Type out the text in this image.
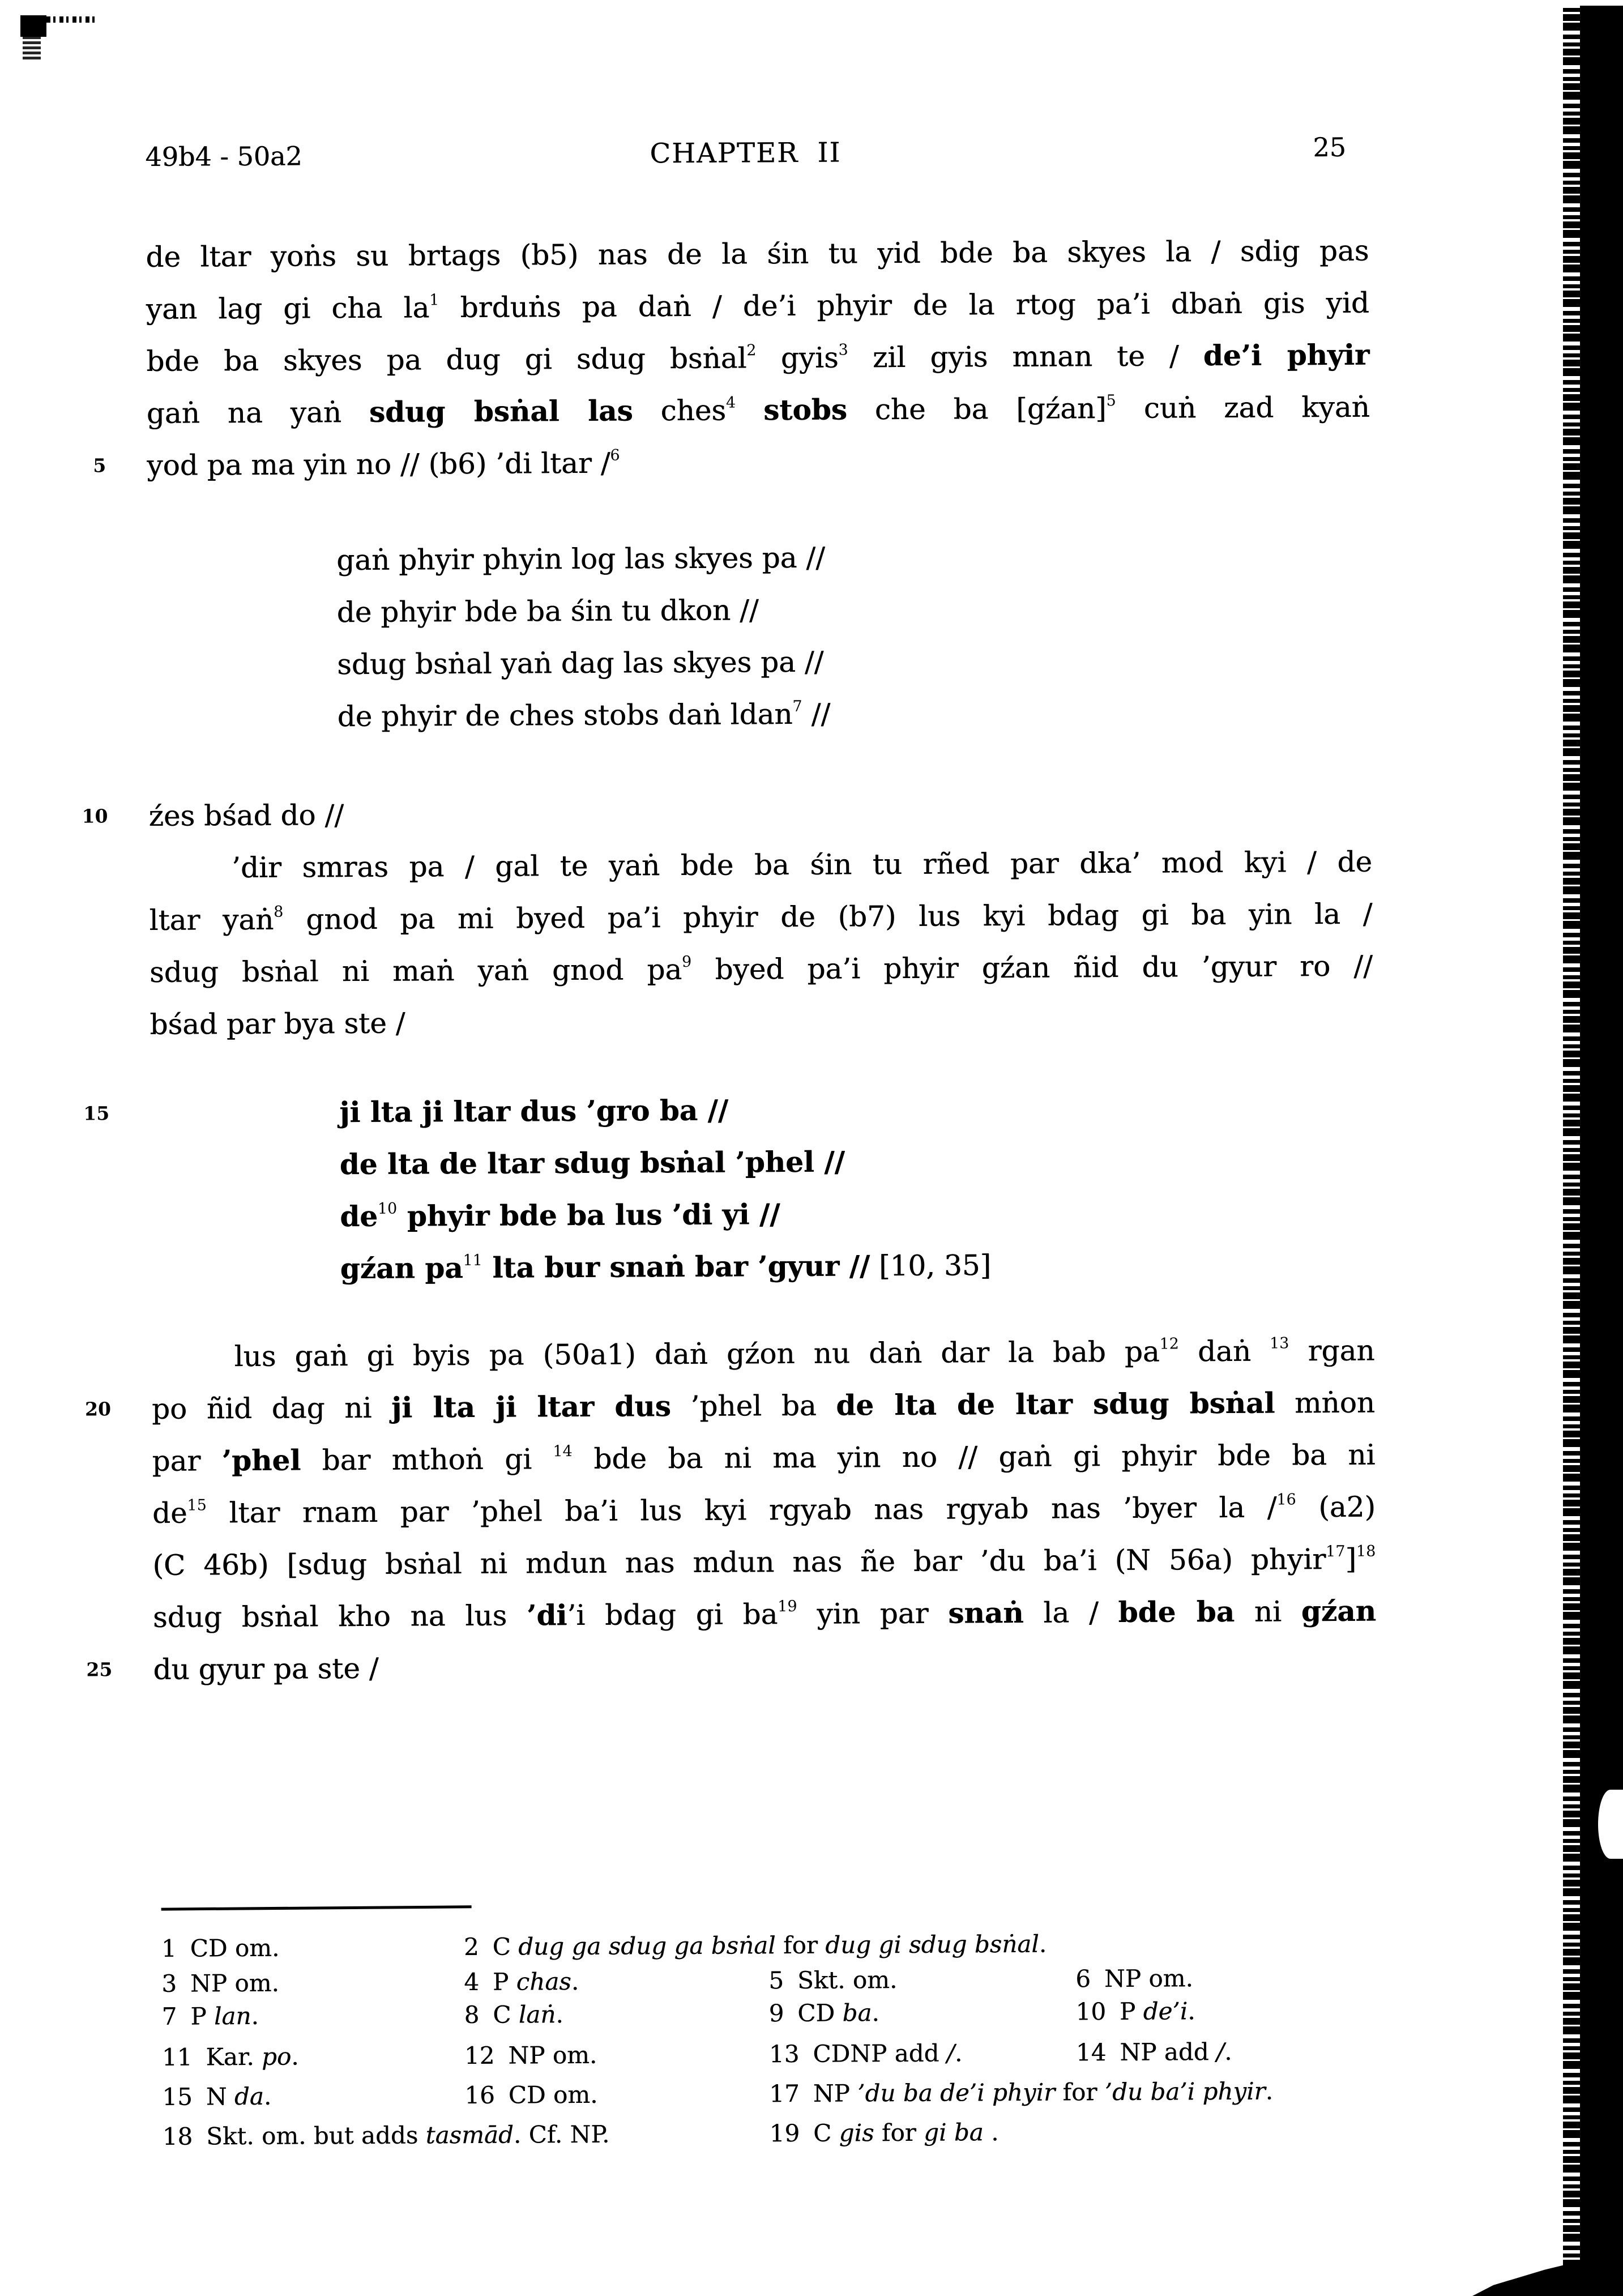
49b4 - 50a2	CHAPTER II	25
5
10
15
20
25
de ltar yoṅs su brtags (b5) nas de la śin tu yid bde ba skyes la / sdig pas
yan lag gi cha $la^1$ brduṅs pa daṅ / de’i phyir de la rtog pa’i dbaṅ gis yid
bde ba skyes pa dug gi sdug bsṅal$^2$ gyis$^3$ zil gyis mnan te / de’i phyir
gaṅ na yaṅ sdug bsṅal las ches$^4$ stobs che ba [gźan]$^5$ cuṅ zad kyaṅ
yod pa ma yin no // (b6) ’di ltar /$^6$
gaṅ phyir phyin log las skyes pa //
de phyir bde ba śin tu dkon //
sdug bsṅal yaṅ dag las skyes pa //
de phyir de ches stobs daṅ ldan$^7$ //
źes bśad do //
’dir smras pa / gal te yaṅ bde ba śin tu rñed par dka’ mod kyi / de
ltar yaṅ$^8$ gnod pa mi byed pa’i phyir de (b7) lus kyi bdag gi ba yin la /
sdug bsṅal ni maṅ yaṅ gnod $pa^9$ byed pa’i phyir gźan ñid du ’gyur ro //
bśad par bya ste /
ji lta ji ltar dus ’gro ba //
de lta de ltar sdug bsṅal ’phel //
$de^{10}$ phyir bde ba lus ’di yi //
gźan $pa^{11}$ lta bur snaṅ bar ’gyur // [10, 35]
lus gaṅ gi byis pa (50a1) daṅ gźon nu daṅ dar la bab $pa^{12}$ daṅ $^{13}$ rgan
po ñid dag ni ji lta ji ltar dus ’phel ba de lta de ltar sdug bsṅal mṅon
par ’phel bar mthoṅ gi $^{14}$ bde ba ni ma yin no // gaṅ gi phyir bde ba ni
$de^{15}$ ltar rnam par ’phel ba’i lus kyi rgyab nas rgyab nas ’byer la /$^{16}$ (a2)
(C 46b) [sdug bsṅal ni mdun nas mdun nas ñe bar ’du ba’i (N 56a) phyir$^{17}$]$^{18}$
sdug bsṅal kho na lus ’di’i bdag gi $ba^{19}$ yin par snaṅ la / bde ba ni gźan
du gyur pa ste /
1 CD om.	2 C dug ga sdug ga bsṅal for dug gi sdug bsṅal.
3 NP om.	4 P chas.	5 Skt. om.	6 NP om.
7 P lan.	8 C laṅ.	9 CD ba.	10 P de’i.
11 Kar. po.	12 NP om.	13 CDNP add /.	14 NP add /.
15 N da.	16 CD om.	17 NP ’du ba de’i phyir for ’du ba’i phyir.
18 Skt. om. but adds tasmād. Cf. NP.	19 C gis for gi ba .
